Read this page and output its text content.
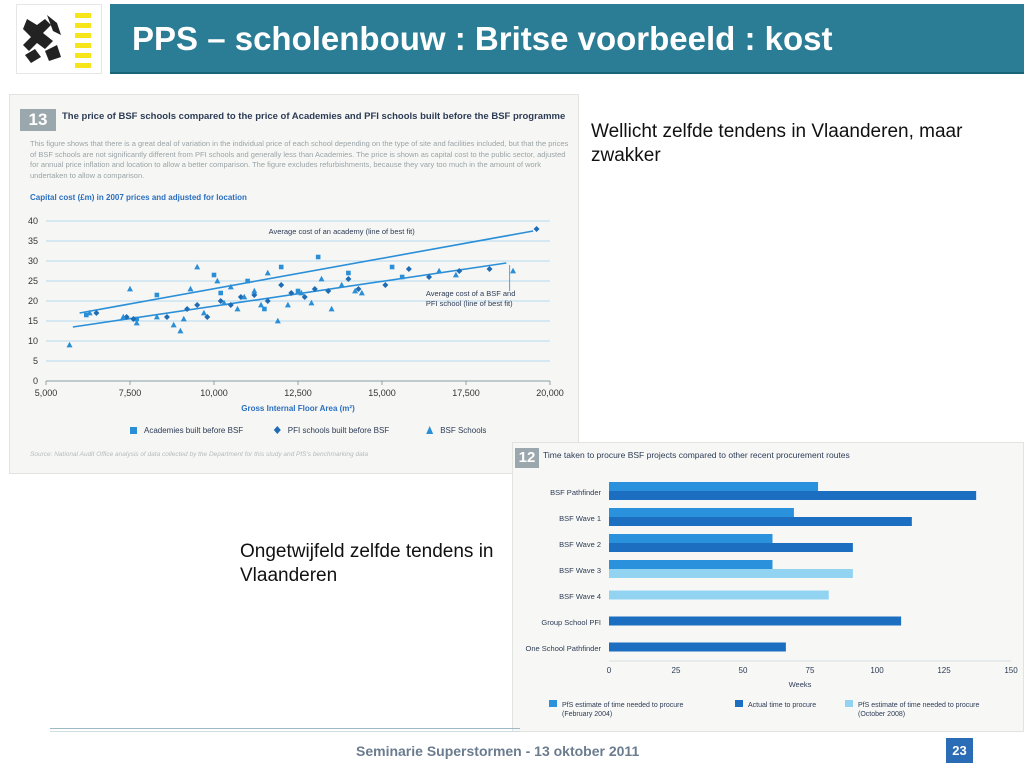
PPS – scholenbouw : Britse voorbeeld : kost
13	The price of BSF schools compared to the price of Academies and PFI schools built before the BSF programme
This figure shows that there is a great deal of variation in the individual price of each school depending on the type of site and facilities included, but that the prices of BSF schools are not significantly different from PFI schools and generally less than Academies. The price is shown as capital cost to the public sector, adjusted for annual price inflation and location to allow a better comparison. The figure excludes refurbishments, because they vary too much in the amount of work undertaken to allow a comparison.
Capital cost (£m) in 2007 prices and adjusted for location
0
5
10
15
20
25
30
35
40
5,000	7,500	10,000	12,500	15,000	17,500	20,000
Gross Internal Floor Area (m²)
Average cost of an academy (line of best fit)
Average cost of a BSF and PFI school (line of best fit)
Academies built before BSF	PFI schools built before BSF	BSF Schools
Source: National Audit Office analysis of data collected by the Department for this study and PfS's benchmarking data	12 Time taken to procure BSF projects compared to other recent procurement routes
BSF Pathfinder
BSF Wave 1
BSF Wave 2
BSF Wave 3
BSF Wave 4
Group School PFI
One School Pathfinder
0	25	50	75	100	125	150
Weeks
PfS estimate of time needed to procure (February 2004)
Actual time to procure	PfS estimate of time needed to procure (October 2008)
Wellicht zelfde tendens in Vlaanderen, maar zwakker
Ongetwijfeld zelfde tendens in Vlaanderen
Seminarie Superstormen - 13 oktober 2011	23
